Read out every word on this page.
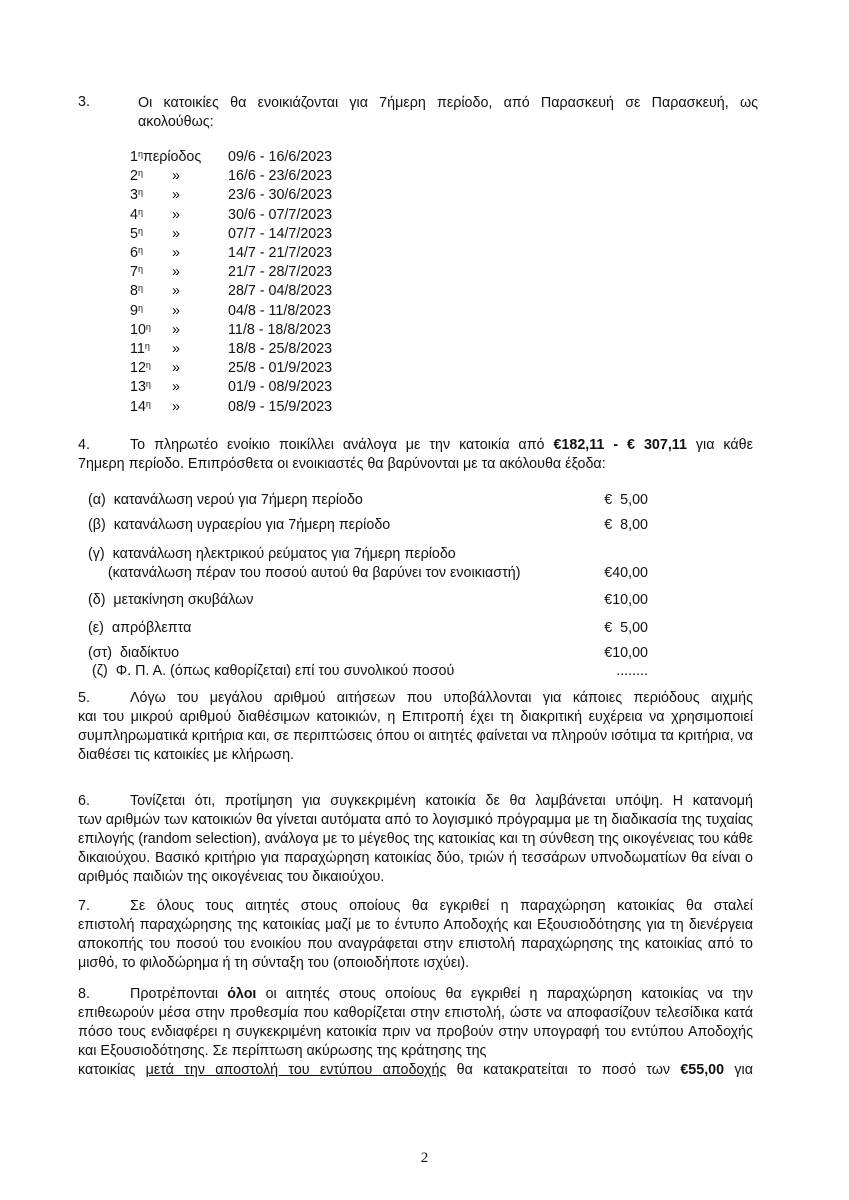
3.	Οι κατοικίες θα ενοικιάζονται για 7ήμερη περίοδο, από Παρασκευή σε Παρασκευή, ως
ακολούθως:
$1^\eta\pi\varepsilon\rho ίo\delta o\varsigma$	09/6 - 16/6/2023
$2^\eta$	»	16/6 - 23/6/2023
$3^\eta$	»	23/6 - 30/6/2023
$4^\eta$	»	30/6 - 07/7/2023
$5^\eta$	»	07/7 - 14/7/2023
$6^\eta$	»	14/7 - 21/7/2023
$7^\eta$	»	21/7 - 28/7/2023
$8^\eta$	»	28/7 - 04/8/2023
$9^\eta$	»	04/8 - 11/8/2023
$10^\eta$	»	11/8 - 18/8/2023
$11^\eta$	»	18/8 - 25/8/2023
$12^\eta$	»	25/8 - 01/9/2023
$13^\eta$	»	01/9 - 08/9/2023
$14^\eta$	»	08/9 - 15/9/2023
4.	Το πληρωτέο ενοίκιο ποικίλλει ανάλογα με την κατοικία από €182,11 - € 307,11 για κάθε
7ημερη περίοδο. Επιπρόσθετα οι ενοικιαστές θα βαρύνονται με τα ακόλουθα έξοδα:
(α)  κατανάλωση νερού για 7ήμερη περίοδο	€  5,00
(β)  κατανάλωση υγραερίου για 7ήμερη περίοδο	€  8,00
(γ)  κατανάλωση ηλεκτρικού ρεύματος για 7ήμερη περίοδο
(κατανάλωση πέραν του ποσού αυτού θα βαρύνει τον ενοικιαστή)	€40,00
(δ)  μετακίνηση σκυβάλων	€10,00
(ε)  απρόβλεπτα	€  5,00
(στ)  διαδίκτυο	€10,00
(ζ)  Φ. Π. Α. (όπως καθορίζεται) επί του συνολικού ποσού	........
5.	Λόγω του μεγάλου αριθμού αιτήσεων που υποβάλλονται για κάποιες περιόδους αιχμής
και του μικρού αριθμού διαθέσιμων κατοικιών, η Επιτροπή έχει τη διακριτική ευχέρεια να χρησιμοποιεί συμπληρωματικά κριτήρια και, σε περιπτώσεις όπου οι αιτητές φαίνεται να πληρούν ισότιμα τα κριτήρια, να διαθέσει τις κατοικίες με κλήρωση.
6.	Τονίζεται ότι, προτίμηση για συγκεκριμένη κατοικία δε θα λαμβάνεται υπόψη. Η κατανομή
των αριθμών των κατοικιών θα γίνεται αυτόματα από το λογισμικό πρόγραμμα με τη διαδικασία της τυχαίας επιλογής (random selection), ανάλογα με το μέγεθος της κατοικίας και τη σύνθεση της οικογένειας του κάθε δικαιούχου. Βασικό κριτήριο για παραχώρηση κατοικίας δύο, τριών ή τεσσάρων υπνοδωματίων θα είναι ο αριθμός παιδιών της οικογένειας του δικαιούχου.
7.	Σε όλους τους αιτητές στους οποίους θα εγκριθεί η παραχώρηση κατοικίας θα σταλεί
επιστολή παραχώρησης της κατοικίας μαζί με το έντυπο Αποδοχής και Εξουσιοδότησης για τη διενέργεια αποκοπής του ποσού του ενοικίου που αναγράφεται στην επιστολή παραχώρησης της κατοικίας από το μισθό, το φιλοδώρημα ή τη σύνταξη του (οποιοδήποτε ισχύει).
8.	Προτρέπονται όλοι οι αιτητές στους οποίους θα εγκριθεί η παραχώρηση κατοικίας να την
επιθεωρούν μέσα στην προθεσμία που καθορίζεται στην επιστολή, ώστε να αποφασίζουν τελεσίδικα κατά πόσο τους ενδιαφέρει η συγκεκριμένη κατοικία πριν να προβούν στην υπογραφή του εντύπου Αποδοχής και Εξουσιοδότησης. Σε περίπτωση ακύρωσης της κράτησης της
κατοικίας μετά την αποστολή του εντύπου αποδοχής θα κατακρατείται το ποσό των €55,00 για
2
